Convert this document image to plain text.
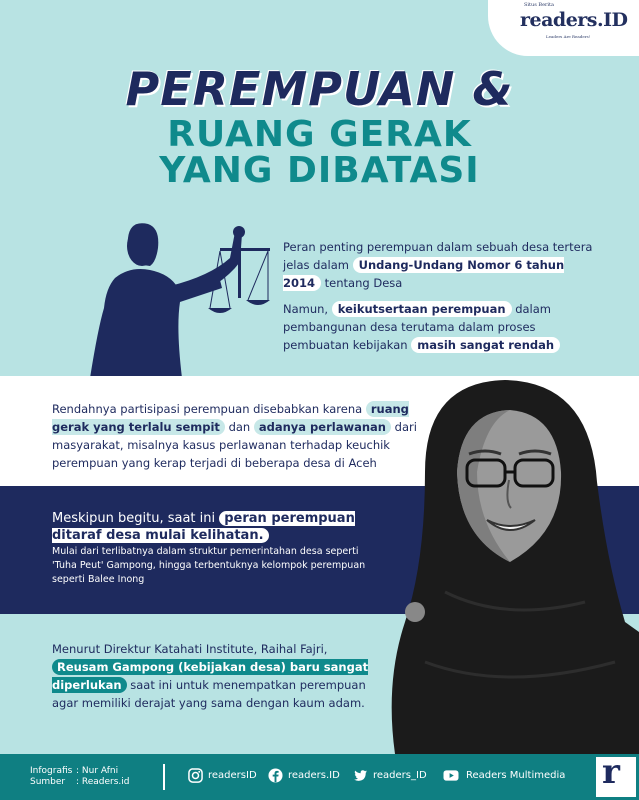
Situs Berita
readers.ID
Leaders Are Readers!
PEREMPUAN &
RUANG GERAK
YANG DIBATASI
Peran penting perempuan dalam sebuah desa tertera jelas dalam Undang-Undang Nomor 6 tahun 2014 tentang Desa
Namun, keikutsertaan perempuan dalam pembangunan desa terutama dalam proses pembuatan kebijakan masih sangat rendah
Rendahnya partisipasi perempuan disebabkan karena ruang gerak yang terlalu sempit dan adanya perlawanan dari masyarakat, misalnya kasus perlawanan terhadap keuchik perempuan yang kerap terjadi di beberapa desa di Aceh
Meskipun begitu, saat ini peran perempuan ditaraf desa mulai kelihatan.
Mulai dari terlibatnya dalam struktur pemerintahan desa seperti 'Tuha Peut' Gampong, hingga terbentuknya kelompok perempuan seperti Balee Inong
Menurut Direktur Katahati Institute, Raihal Fajri, Reusam Gampong (kebijakan desa) baru sangat diperlukan saat ini untuk menempatkan perempuan agar memiliki derajat yang sama dengan kaum adam.
Infografis : Nur Afni
Sumber : Readers.id
readersID	readers.ID	readers_ID	Readers Multimedia r
